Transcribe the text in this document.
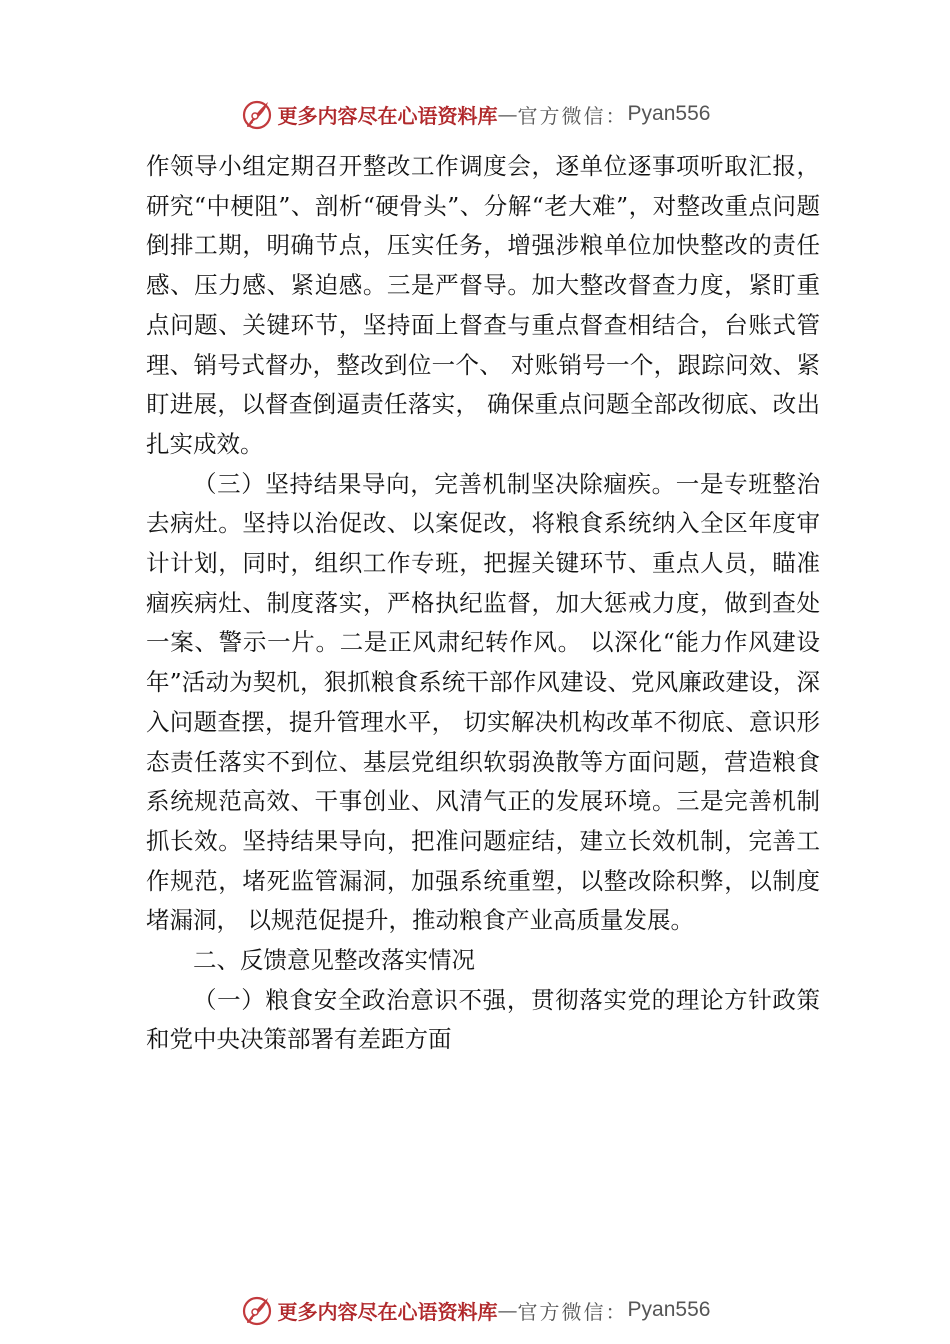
更多内容尽在心语资料库 — 官方微信： Pyan556

作领导小组定期召开整改工作调度会，逐单位逐事项听取汇报，研究“中梗阻”、剖析“硬骨头”、分解“老大难”，对整改重点问题倒排工期，明确节点，压实任务，增强涉粮单位加快整改的责任感、压力感、紧迫感。三是严督导。加大整改督查力度，紧盯重点问题、关键环节，坚持面上督查与重点督查相结合，台账式管理、销号式督办，整改到位一个、 对账销号一个，跟踪问效、紧盯进展，以督查倒逼责任落实， 确保重点问题全部改彻底、改出扎实成效。

（三）坚持结果导向，完善机制坚决除痼疾。一是专班整治去病灶。坚持以治促改、以案促改，将粮食系统纳入全区年度审计计划，同时，组织工作专班，把握关键环节、重点人员，瞄准痼疾病灶、制度落实，严格执纪监督，加大惩戒力度，做到查处一案、警示一片。二是正风肃纪转作风。 以深化“能力作风建设年”活动为契机，狠抓粮食系统干部作风建设、党风廉政建设，深入问题查摆，提升管理水平， 切实解决机构改革不彻底、意识形态责任落实不到位、基层党组织软弱涣散等方面问题，营造粮食系统规范高效、干事创业、风清气正的发展环境。三是完善机制抓长效。坚持结果导向，把准问题症结，建立长效机制，完善工作规范，堵死监管漏洞，加强系统重塑，以整改除积弊，以制度堵漏洞， 以规范促提升，推动粮食产业高质量发展。

二、反馈意见整改落实情况

（一）粮食安全政治意识不强，贯彻落实党的理论方针政策和党中央决策部署有差距方面

更多内容尽在心语资料库 — 官方微信： Pyan556
